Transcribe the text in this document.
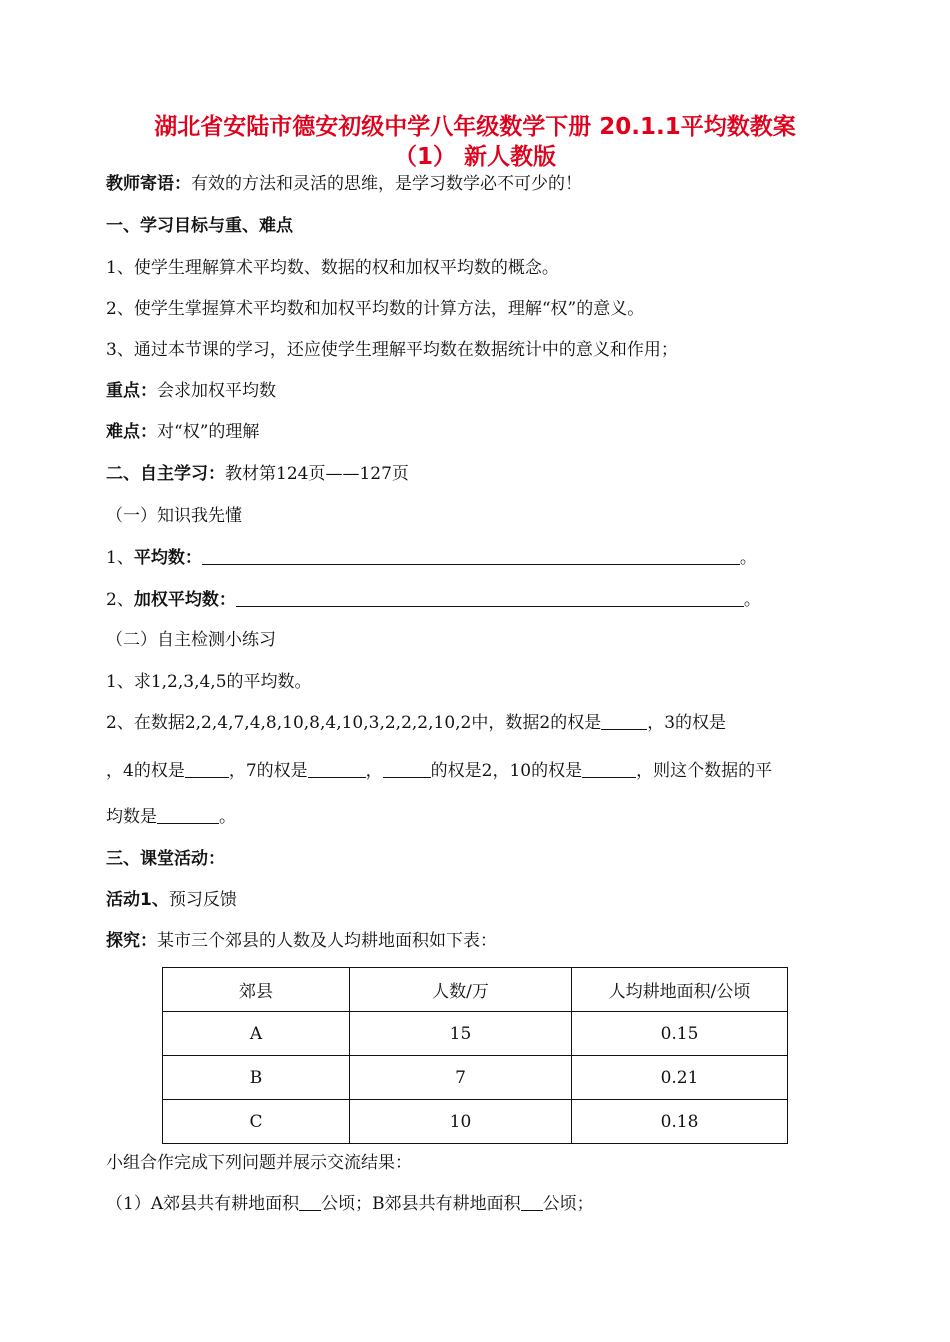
湖北省安陆市德安初级中学八年级数学下册 20.1.1平均数教案
（1） 新人教版
教师寄语：有效的方法和灵活的思维，是学习数学必不可少的！
一、学习目标与重、难点
1、使学生理解算术平均数、数据的权和加权平均数的概念。
2、使学生掌握算术平均数和加权平均数的计算方法，理解“权”的意义。
3、通过本节课的学习，还应使学生理解平均数在数据统计中的意义和作用；
重点：会求加权平均数
难点：对“权”的理解
二、自主学习：教材第124页——127页
（一）知识我先懂
1、平均数：	。
2、加权平均数：	。
（二）自主检测小练习
1、求1,2,3,4,5的平均数。
2、在数据2,2,4,7,4,8,10,8,4,10,3,2,2,2,10,2中，数据2的权是	，3的权是
，4的权是	，7的权是	，	的权是2，10的权是	，则这个数据的平
均数是	。
三、课堂活动：
活动1、预习反馈
探究：某市三个郊县的人数及人均耕地面积如下表：
郊县	人数/万	人均耕地面积/公顷
A	15	0.15
B	7	0.21
C	10	0.18
小组合作完成下列问题并展示交流结果：
（1）A郊县共有耕地面积 公顷；B郊县共有耕地面积 公顷；
